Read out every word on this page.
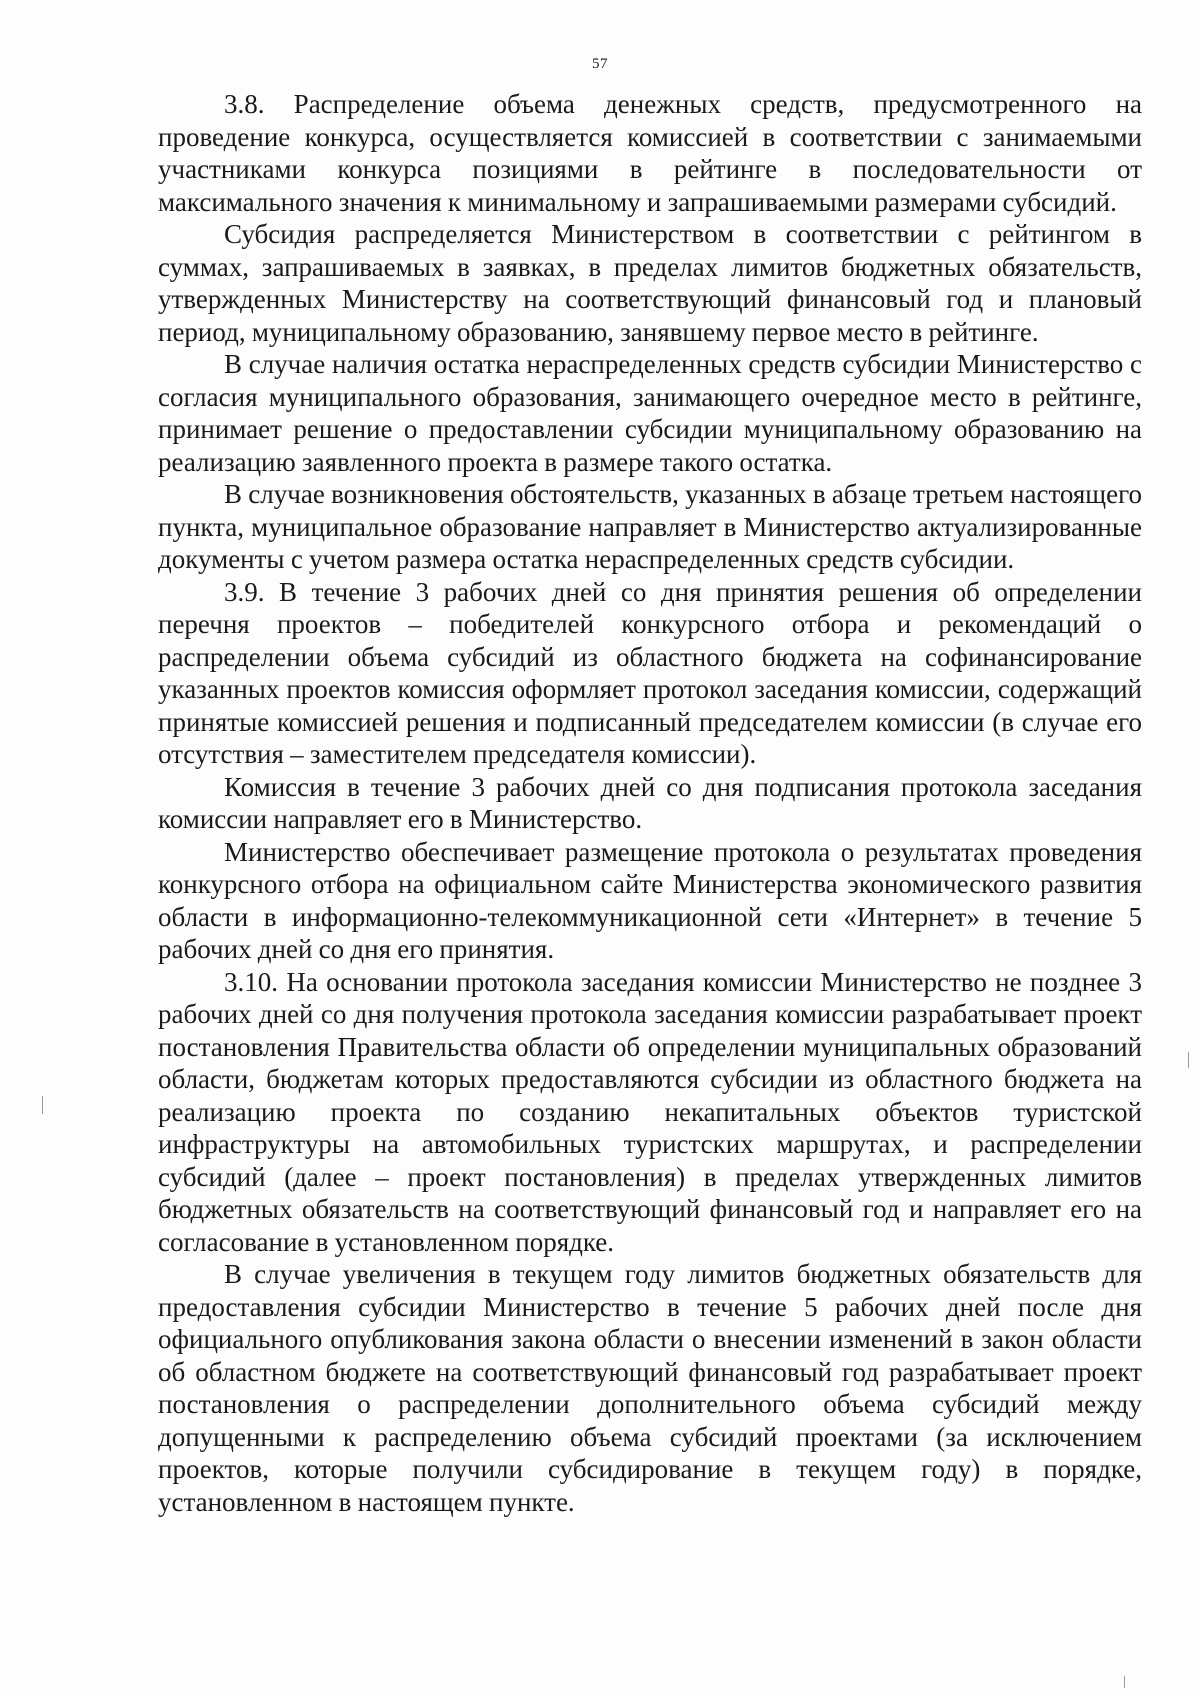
57

3.8. Распределение объема денежных средств, предусмотренного на проведение конкурса, осуществляется комиссией в соответствии с занимаемыми участниками конкурса позициями в рейтинге в последовательности от максимального значения к минимальному и запрашиваемыми размерами субсидий.

Субсидия распределяется Министерством в соответствии с рейтингом в суммах, запрашиваемых в заявках, в пределах лимитов бюджетных обязательств, утвержденных Министерству на соответствующий финансовый год и плановый период, муниципальному образованию, занявшему первое место в рейтинге.

В случае наличия остатка нераспределенных средств субсидии Министерство с согласия муниципального образования, занимающего очередное место в рейтинге, принимает решение о предоставлении субсидии муниципальному образованию на реализацию заявленного проекта в размере такого остатка.

В случае возникновения обстоятельств, указанных в абзаце третьем настоящего пункта, муниципальное образование направляет в Министерство актуализированные документы с учетом размера остатка нераспределенных средств субсидии.

3.9. В течение 3 рабочих дней со дня принятия решения об определении перечня проектов – победителей конкурсного отбора и рекомендаций о распределении объема субсидий из областного бюджета на софинансирование указанных проектов комиссия оформляет протокол заседания комиссии, содержащий принятые комиссией решения и подписанный председателем комиссии (в случае его отсутствия – заместителем председателя комиссии).

Комиссия в течение 3 рабочих дней со дня подписания протокола заседания комиссии направляет его в Министерство.

Министерство обеспечивает размещение протокола о результатах проведения конкурсного отбора на официальном сайте Министерства экономического развития области в информационно-телекоммуникационной сети «Интернет» в течение 5 рабочих дней со дня его принятия.

3.10. На основании протокола заседания комиссии Министерство не позднее 3 рабочих дней со дня получения протокола заседания комиссии разрабатывает проект постановления Правительства области об определении муниципальных образований области, бюджетам которых предоставляются субсидии из областного бюджета на реализацию проекта по созданию некапитальных объектов туристской инфраструктуры на автомобильных туристских маршрутах, и распределении субсидий (далее – проект постановления) в пределах утвержденных лимитов бюджетных обязательств на соответствующий финансовый год и направляет его на согласование в установленном порядке.

В случае увеличения в текущем году лимитов бюджетных обязательств для предоставления субсидии Министерство в течение 5 рабочих дней после дня официального опубликования закона области о внесении изменений в закон области об областном бюджете на соответствующий финансовый год разрабатывает проект постановления о распределении дополнительного объема субсидий между допущенными к распределению объема субсидий проектами (за исключением проектов, которые получили субсидирование в текущем году) в порядке, установленном в настоящем пункте.
